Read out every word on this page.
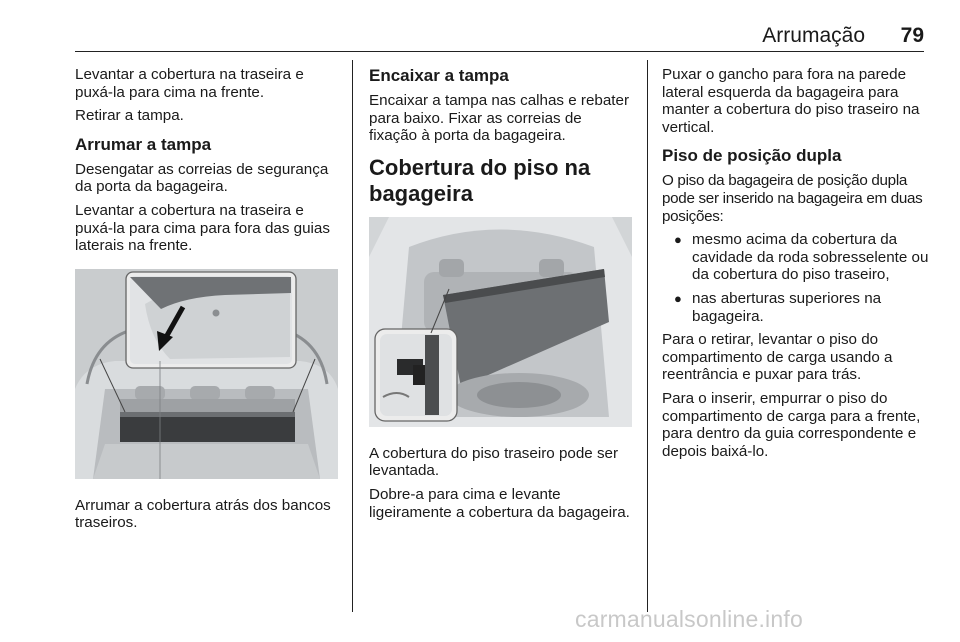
Arrumação 79

Levantar a cobertura na traseira e puxá-la para cima na frente.

Retirar a tampa.

Arrumar a tampa

Desengatar as correias de segurança da porta da bagageira.

Levantar a cobertura na traseira e puxá-la para cima para fora das guias laterais na frente.

Arrumar a cobertura atrás dos bancos traseiros.

Encaixar a tampa

Encaixar a tampa nas calhas e rebater para baixo. Fixar as correias de fixação à porta da bagageira.

Cobertura do piso na bagageira

A cobertura do piso traseiro pode ser levantada.

Dobre-a para cima e levante ligeiramente a cobertura da bagageira.

Puxar o gancho para fora na parede lateral esquerda da bagageira para manter a cobertura do piso traseiro na vertical.

Piso de posição dupla

O piso da bagageira de posição dupla pode ser inserido na bagageira em duas posições:

● mesmo acima da cobertura da cavidade da roda sobresselente ou da cobertura do piso traseiro,
● nas aberturas superiores na bagageira.

Para o retirar, levantar o piso do compartimento de carga usando a reentrância e puxar para trás.

Para o inserir, empurrar o piso do compartimento de carga para a frente, para dentro da guia correspondente e depois baixá-lo.

carmanualsonline.info
